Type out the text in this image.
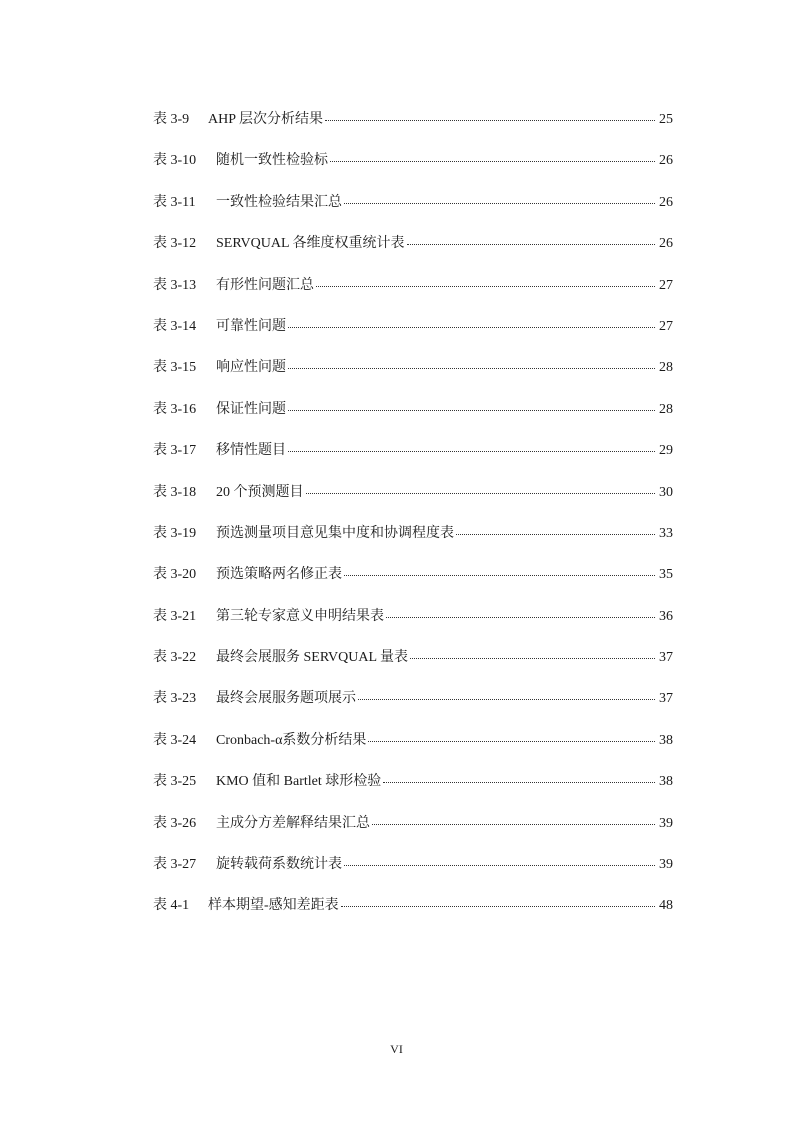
表 3-9	AHP 层次分析结果	25
表 3-10	随机一致性检验标	26
表 3-11	一致性检验结果汇总	26
表 3-12	SERVQUAL 各维度权重统计表	26
表 3-13	有形性问题汇总	27
表 3-14	可靠性问题	27
表 3-15	响应性问题	28
表 3-16	保证性问题	28
表 3-17	移情性题目	29
表 3-18	20 个预测题目	30
表 3-19	预选测量项目意见集中度和协调程度表	33
表 3-20	预选策略两名修正表	35
表 3-21	第三轮专家意义申明结果表	36
表 3-22	最终会展服务 SERVQUAL 量表	37
表 3-23	最终会展服务题项展示	37
表 3-24	Cronbach-α系数分析结果	38
表 3-25	KMO 值和 Bartlet 球形检验	38
表 3-26	主成分方差解释结果汇总	39
表 3-27	旋转载荷系数统计表	39
表 4-1	样本期望-感知差距表	48
VI
